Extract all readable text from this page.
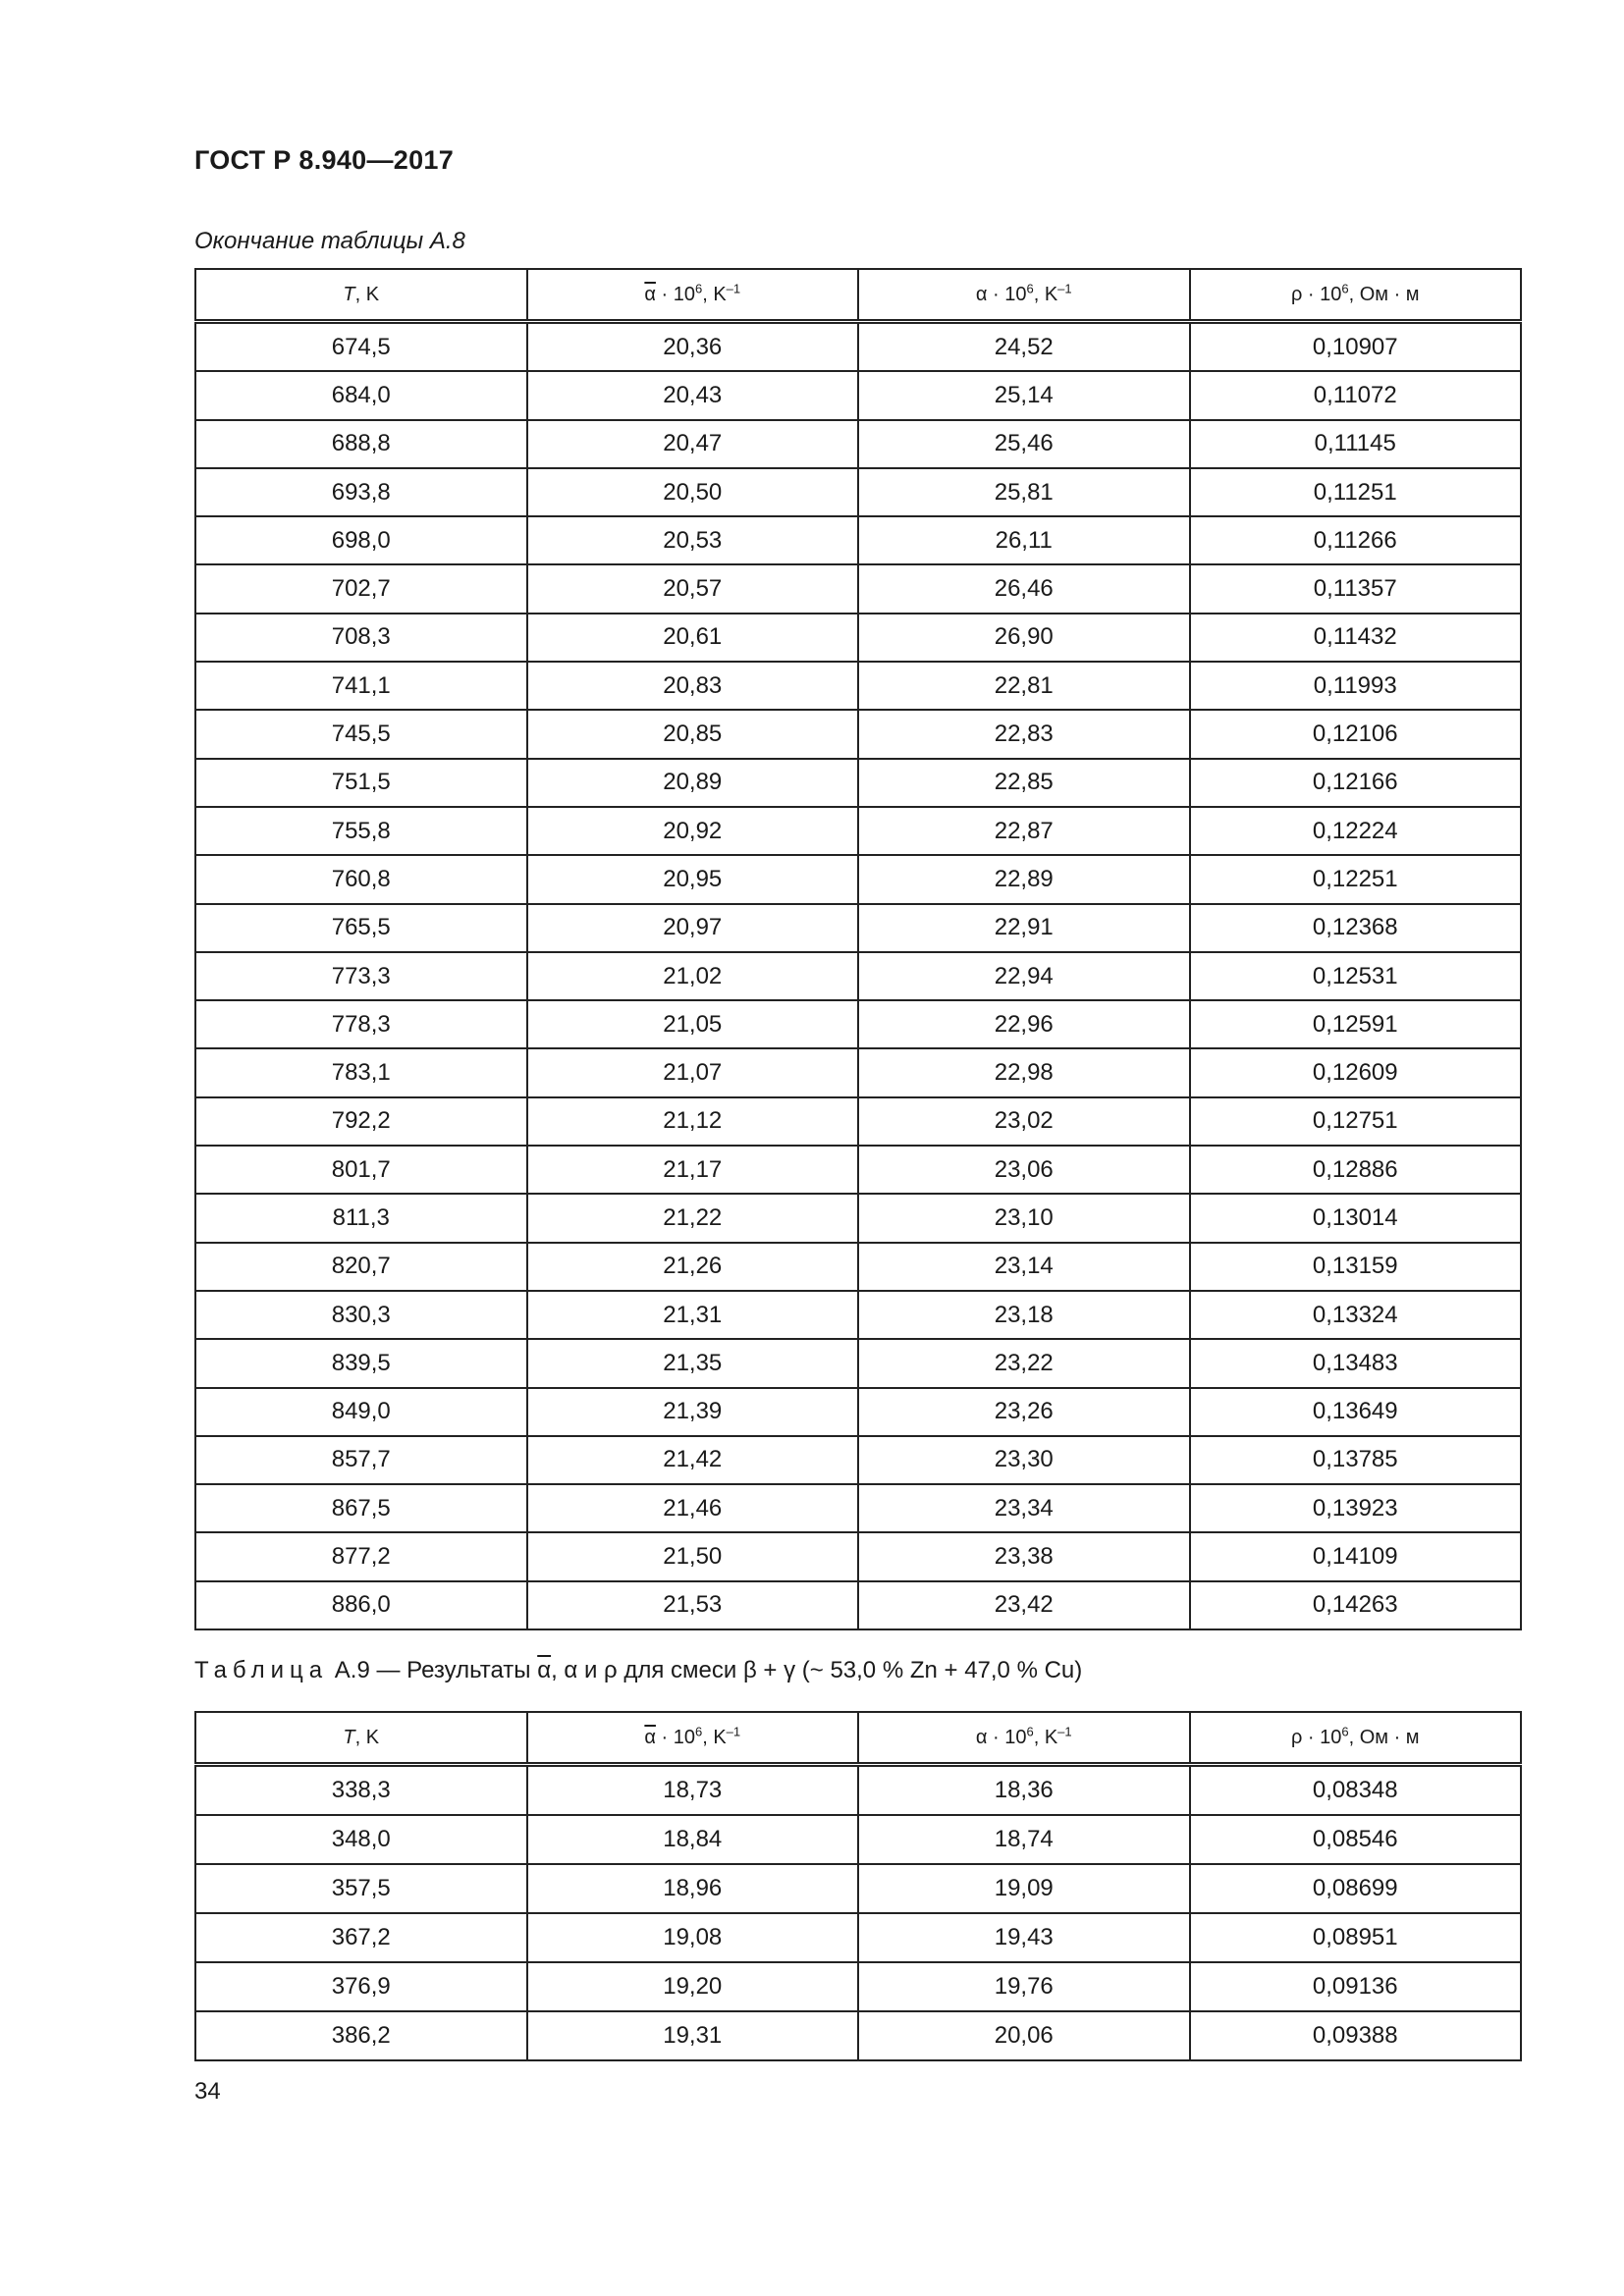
ГОСТ Р 8.940—2017
Окончание таблицы А.8
T, K	$\overline{\alpha} \cdot 10^6$, $K^{-1}$	$\alpha \cdot 10^6$, $K^{-1}$	$\rho \cdot 10^6$, Ом · м
674,5	20,36	24,52	0,10907
684,0	20,43	25,14	0,11072
688,8	20,47	25,46	0,11145
693,8	20,50	25,81	0,11251
698,0	20,53	26,11	0,11266
702,7	20,57	26,46	0,11357
708,3	20,61	26,90	0,11432
741,1	20,83	22,81	0,11993
745,5	20,85	22,83	0,12106
751,5	20,89	22,85	0,12166
755,8	20,92	22,87	0,12224
760,8	20,95	22,89	0,12251
765,5	20,97	22,91	0,12368
773,3	21,02	22,94	0,12531
778,3	21,05	22,96	0,12591
783,1	21,07	22,98	0,12609
792,2	21,12	23,02	0,12751
801,7	21,17	23,06	0,12886
811,3	21,22	23,10	0,13014
820,7	21,26	23,14	0,13159
830,3	21,31	23,18	0,13324
839,5	21,35	23,22	0,13483
849,0	21,39	23,26	0,13649
857,7	21,42	23,30	0,13785
867,5	21,46	23,34	0,13923
877,2	21,50	23,38	0,14109
886,0	21,53	23,42	0,14263
Таблица А.9 — Результаты $\overline{\alpha}$, α и ρ для смеси β + γ (~ 53,0 % Zn + 47,0 % Cu)
T, K	$\overline{\alpha} \cdot 10^6$, $K^{-1}$	$\alpha \cdot 10^6$, $K^{-1}$	$\rho \cdot 10^6$, Ом · м
338,3	18,73	18,36	0,08348
348,0	18,84	18,74	0,08546
357,5	18,96	19,09	0,08699
367,2	19,08	19,43	0,08951
376,9	19,20	19,76	0,09136
386,2	19,31	20,06	0,09388
34
